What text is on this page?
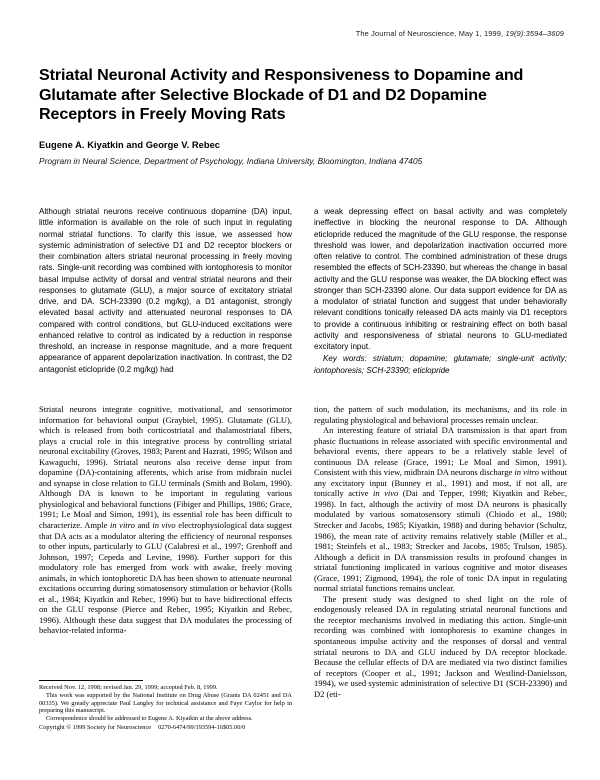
The Journal of Neuroscience, May 1, 1999, 19(9):3594–3609
Striatal Neuronal Activity and Responsiveness to Dopamine and Glutamate after Selective Blockade of D1 and D2 Dopamine Receptors in Freely Moving Rats
Eugene A. Kiyatkin and George V. Rebec
Program in Neural Science, Department of Psychology, Indiana University, Bloomington, Indiana 47405

Although striatal neurons receive continuous dopamine (DA) input, little information is available on the role of such input in regulating normal striatal functions. To clarify this issue, we assessed how systemic administration of selective D1 and D2 receptor blockers or their combination alters striatal neuronal processing in freely moving rats. Single-unit recording was combined with iontophoresis to monitor basal impulse activity of dorsal and ventral striatal neurons and their responses to glutamate (GLU), a major source of excitatory striatal drive, and DA. SCH-23390 (0.2 mg/kg), a D1 antagonist, strongly elevated basal activity and attenuated neuronal responses to DA compared with control conditions, but GLU-induced excitations were enhanced relative to control as indicated by a reduction in response threshold, an increase in response magnitude, and a more frequent appearance of apparent depolarization inactivation. In contrast, the D2 antagonist eticlopride (0.2 mg/kg) had

a weak depressing effect on basal activity and was completely ineffective in blocking the neuronal response to DA. Although eticlopride reduced the magnitude of the GLU response, the response threshold was lower, and depolarization inactivation occurred more often relative to control. The combined administration of these drugs resembled the effects of SCH-23390, but whereas the change in basal activity and the GLU response was weaker, the DA blocking effect was stronger than SCH-23390 alone. Our data support evidence for DA as a modulator of striatal function and suggest that under behaviorally relevant conditions tonically released DA acts mainly via D1 receptors to provide a continuous inhibiting or restraining effect on both basal activity and responsiveness of striatal neurons to GLU-mediated excitatory input.

Key words: striatum; dopamine; glutamate; single-unit activity; iontophoresis; SCH-23390; eticlopride

Striatal neurons integrate cognitive, motivational, and sensorimotor information for behavioral output (Graybiel, 1995). Glutamate (GLU), which is released from both corticostriatal and thalamostriatal fibers, plays a crucial role in this integrative process by controlling striatal neuronal excitability (Groves, 1983; Parent and Hazrati, 1995; Wilson and Kawaguchi, 1996). Striatal neurons also receive dense input from dopamine (DA)-containing afferents, which arise from midbrain nuclei and synapse in close relation to GLU terminals (Smith and Bolam, 1990). Although DA is known to be important in regulating various physiological and behavioral functions (Fibiger and Phillips, 1986; Grace, 1991; Le Moal and Simon, 1991), its essential role has been difficult to characterize. Ample in vitro and in vivo electrophysiological data suggest that DA acts as a modulator altering the efficiency of neuronal responses to other inputs, particularly to GLU (Calabresi et al., 1997; Grenhoff and Johnson, 1997; Cepeda and Levine, 1998). Further support for this modulatory role has emerged from work with awake, freely moving animals, in which iontophoretic DA has been shown to attenuate neuronal excitations occurring during somatosensory stimulation or behavior (Rolls et al., 1984; Kiyatkin and Rebec, 1996) but to have bidirectional effects on the GLU response (Pierce and Rebec, 1995; Kiyatkin and Rebec, 1996). Although these data suggest that DA modulates the processing of behavior-related informa-

Received Nov. 12, 1998; revised Jan. 29, 1999; accepted Feb. 8, 1999.

This work was supported by the National Institute on Drug Abuse (Grants DA 02451 and DA 00335). We greatly appreciate Paul Langley for technical assistance and Faye Caylor for help in preparing this manuscript.

Correspondence should be addressed to Eugene A. Kiyatkin at the above address.

Copyright © 1999 Society for Neuroscience 0270-6474/99/193594-16$05.00/0

tion, the pattern of such modulation, its mechanisms, and its role in regulating physiological and behavioral processes remain unclear.

An interesting feature of striatal DA transmission is that apart from phasic fluctuations in release associated with specific environmental and behavioral events, there appears to be a relatively stable level of continuous DA release (Grace, 1991; Le Moal and Simon, 1991). Consistent with this view, midbrain DA neurons discharge in vitro without any excitatory input (Bunney et al., 1991) and most, if not all, are tonically active in vivo (Dai and Tepper, 1998; Kiyatkin and Rebec, 1998). In fact, although the activity of most DA neurons is phasically modulated by various somatosensory stimuli (Chiodo et al., 1980; Strecker and Jacobs, 1985; Kiyatkin, 1988) and during behavior (Schultz, 1986), the mean rate of activity remains relatively stable (Miller et al., 1981; Steinfels et al., 1983; Strecker and Jacobs, 1985; Trulson, 1985). Although a deficit in DA transmission results in profound changes in striatal functioning implicated in various cognitive and motor diseases (Grace, 1991; Zigmond, 1994), the role of tonic DA input in regulating normal striatal functions remains unclear.

The present study was designed to shed light on the role of endogenously released DA in regulating striatal neuronal functions and the receptor mechanisms involved in mediating this action. Single-unit recording was combined with iontophoresis to examine changes in spontaneous impulse activity and the responses of dorsal and ventral striatal neurons to DA and GLU induced by DA receptor blockade. Because the cellular effects of DA are mediated via two distinct families of receptors (Cooper et al., 1991; Jackson and Westlind-Danielsson, 1994), we used systemic administration of selective D1 (SCH-23390) and D2 (eti-
